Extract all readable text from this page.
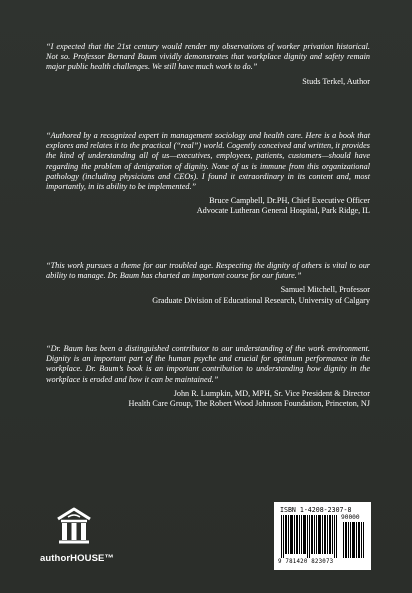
“I expected that the 21st century would render my observations of worker privation historical. Not so. Professor Bernard Baum vividly demonstrates that workplace dignity and safety remain major public health challenges. We still have much work to do.”

Studs Terkel, Author

“Authored by a recognized expert in management sociology and health care. Here is a book that explores and relates it to the practical (“real”) world. Cogently conceived and written, it provides the kind of understanding all of us—executives, employees, patients, customers—should have regarding the problem of denigration of dignity. None of us is immune from this organizational pathology (including physicians and CEOs). I found it extraordinary in its content and, most importantly, in its ability to be implemented.”

Bruce Campbell, Dr.PH, Chief Executive Officer
Advocate Lutheran General Hospital, Park Ridge, IL

“This work pursues a theme for our troubled age. Respecting the dignity of others is vital to our ability to manage. Dr. Baum has charted an important course for our future.”

Samuel Mitchell, Professor
Graduate Division of Educational Research, University of Calgary

“Dr. Baum has been a distinguished contributor to our understanding of the work environment. Dignity is an important part of the human psyche and crucial for optimum performance in the workplace. Dr. Baum’s book is an important contribution to understanding how dignity in the workplace is eroded and how it can be maintained.”

John R. Lumpkin, MD, MPH, Sr. Vice President & Director
Health Care Group, The Robert Wood Johnson Foundation, Princeton, NJ

authorHOUSE™
ISBN 1-4208-2307-8
90000
9 781420 823073
